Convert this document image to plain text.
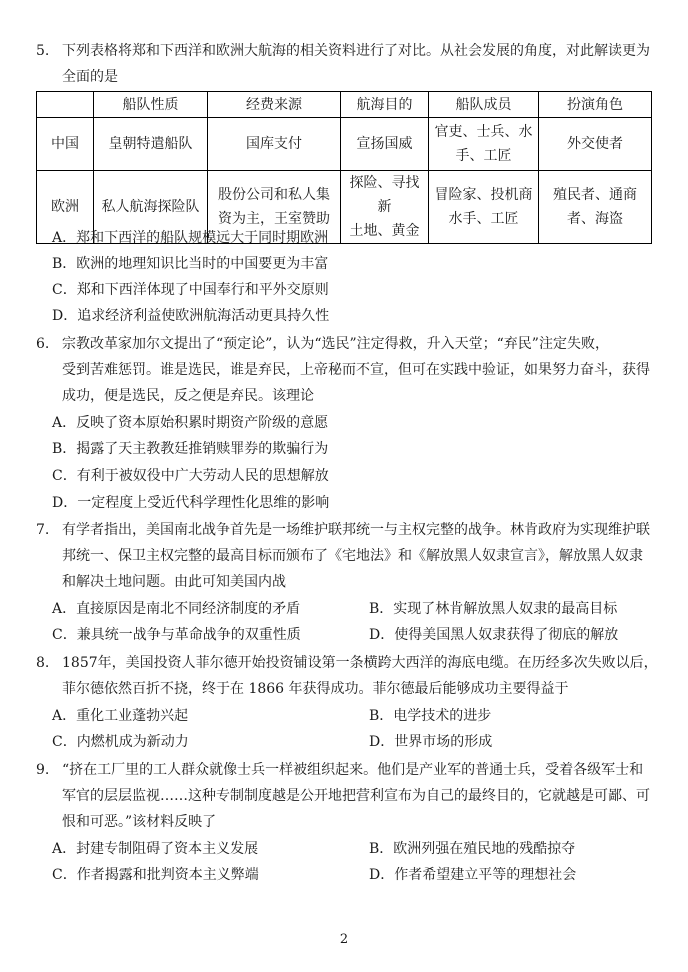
5. 下列表格将郑和下西洋和欧洲大航海的相关资料进行了对比。从社会发展的角度，对此解读更为
全面的是
	船队性质	经费来源	航海目的	船队成员	扮演角色
中国	皇朝特遣船队	国库支付	宣扬国威	官吏、士兵、水
手、工匠	外交使者
欧洲	私人航海探险队	股份公司和私人集
资为主，王室赞助	探险、寻找新
土地、黄金	冒险家、投机商
水手、工匠	殖民者、通商
者、海盗
A．郑和下西洋的船队规模远大于同时期欧洲
B．欧洲的地理知识比当时的中国要更为丰富
C．郑和下西洋体现了中国奉行和平外交原则
D．追求经济利益使欧洲航海活动更具持久性
6. 宗教改革家加尔文提出了“预定论”，认为“选民”注定得救，升入天堂；“弃民”注定失败，
受到苦难惩罚。谁是选民，谁是弃民，上帝秘而不宣，但可在实践中验证，如果努力奋斗，获得
成功，便是选民，反之便是弃民。该理论
A．反映了资本原始积累时期资产阶级的意愿
B．揭露了天主教教廷推销赎罪券的欺骗行为
C．有利于被奴役中广大劳动人民的思想解放
D．一定程度上受近代科学理性化思维的影响
7. 有学者指出，美国南北战争首先是一场维护联邦统一与主权完整的战争。林肯政府为实现维护联
邦统一、保卫主权完整的最高目标而颁布了《宅地法》和《解放黑人奴隶宣言》，解放黑人奴隶
和解决土地问题。由此可知美国内战
A．直接原因是南北不同经济制度的矛盾	B．实现了林肯解放黑人奴隶的最高目标
C．兼具统一战争与革命战争的双重性质	D．使得美国黑人奴隶获得了彻底的解放
8. 1857年，美国投资人菲尔德开始投资铺设第一条横跨大西洋的海底电缆。在历经多次失败以后，
菲尔德依然百折不挠，终于在 1866 年获得成功。菲尔德最后能够成功主要得益于
A．重化工业蓬勃兴起	B．电学技术的进步
C．内燃机成为新动力	D．世界市场的形成
9. “挤在工厂里的工人群众就像士兵一样被组织起来。他们是产业军的普通士兵，受着各级军士和
军官的层层监视……这种专制制度越是公开地把营利宣布为自己的最终目的，它就越是可鄙、可
恨和可恶。”该材料反映了
A．封建专制阻碍了资本主义发展	B．欧洲列强在殖民地的残酷掠夺
C．作者揭露和批判资本主义弊端	D．作者希望建立平等的理想社会
2
